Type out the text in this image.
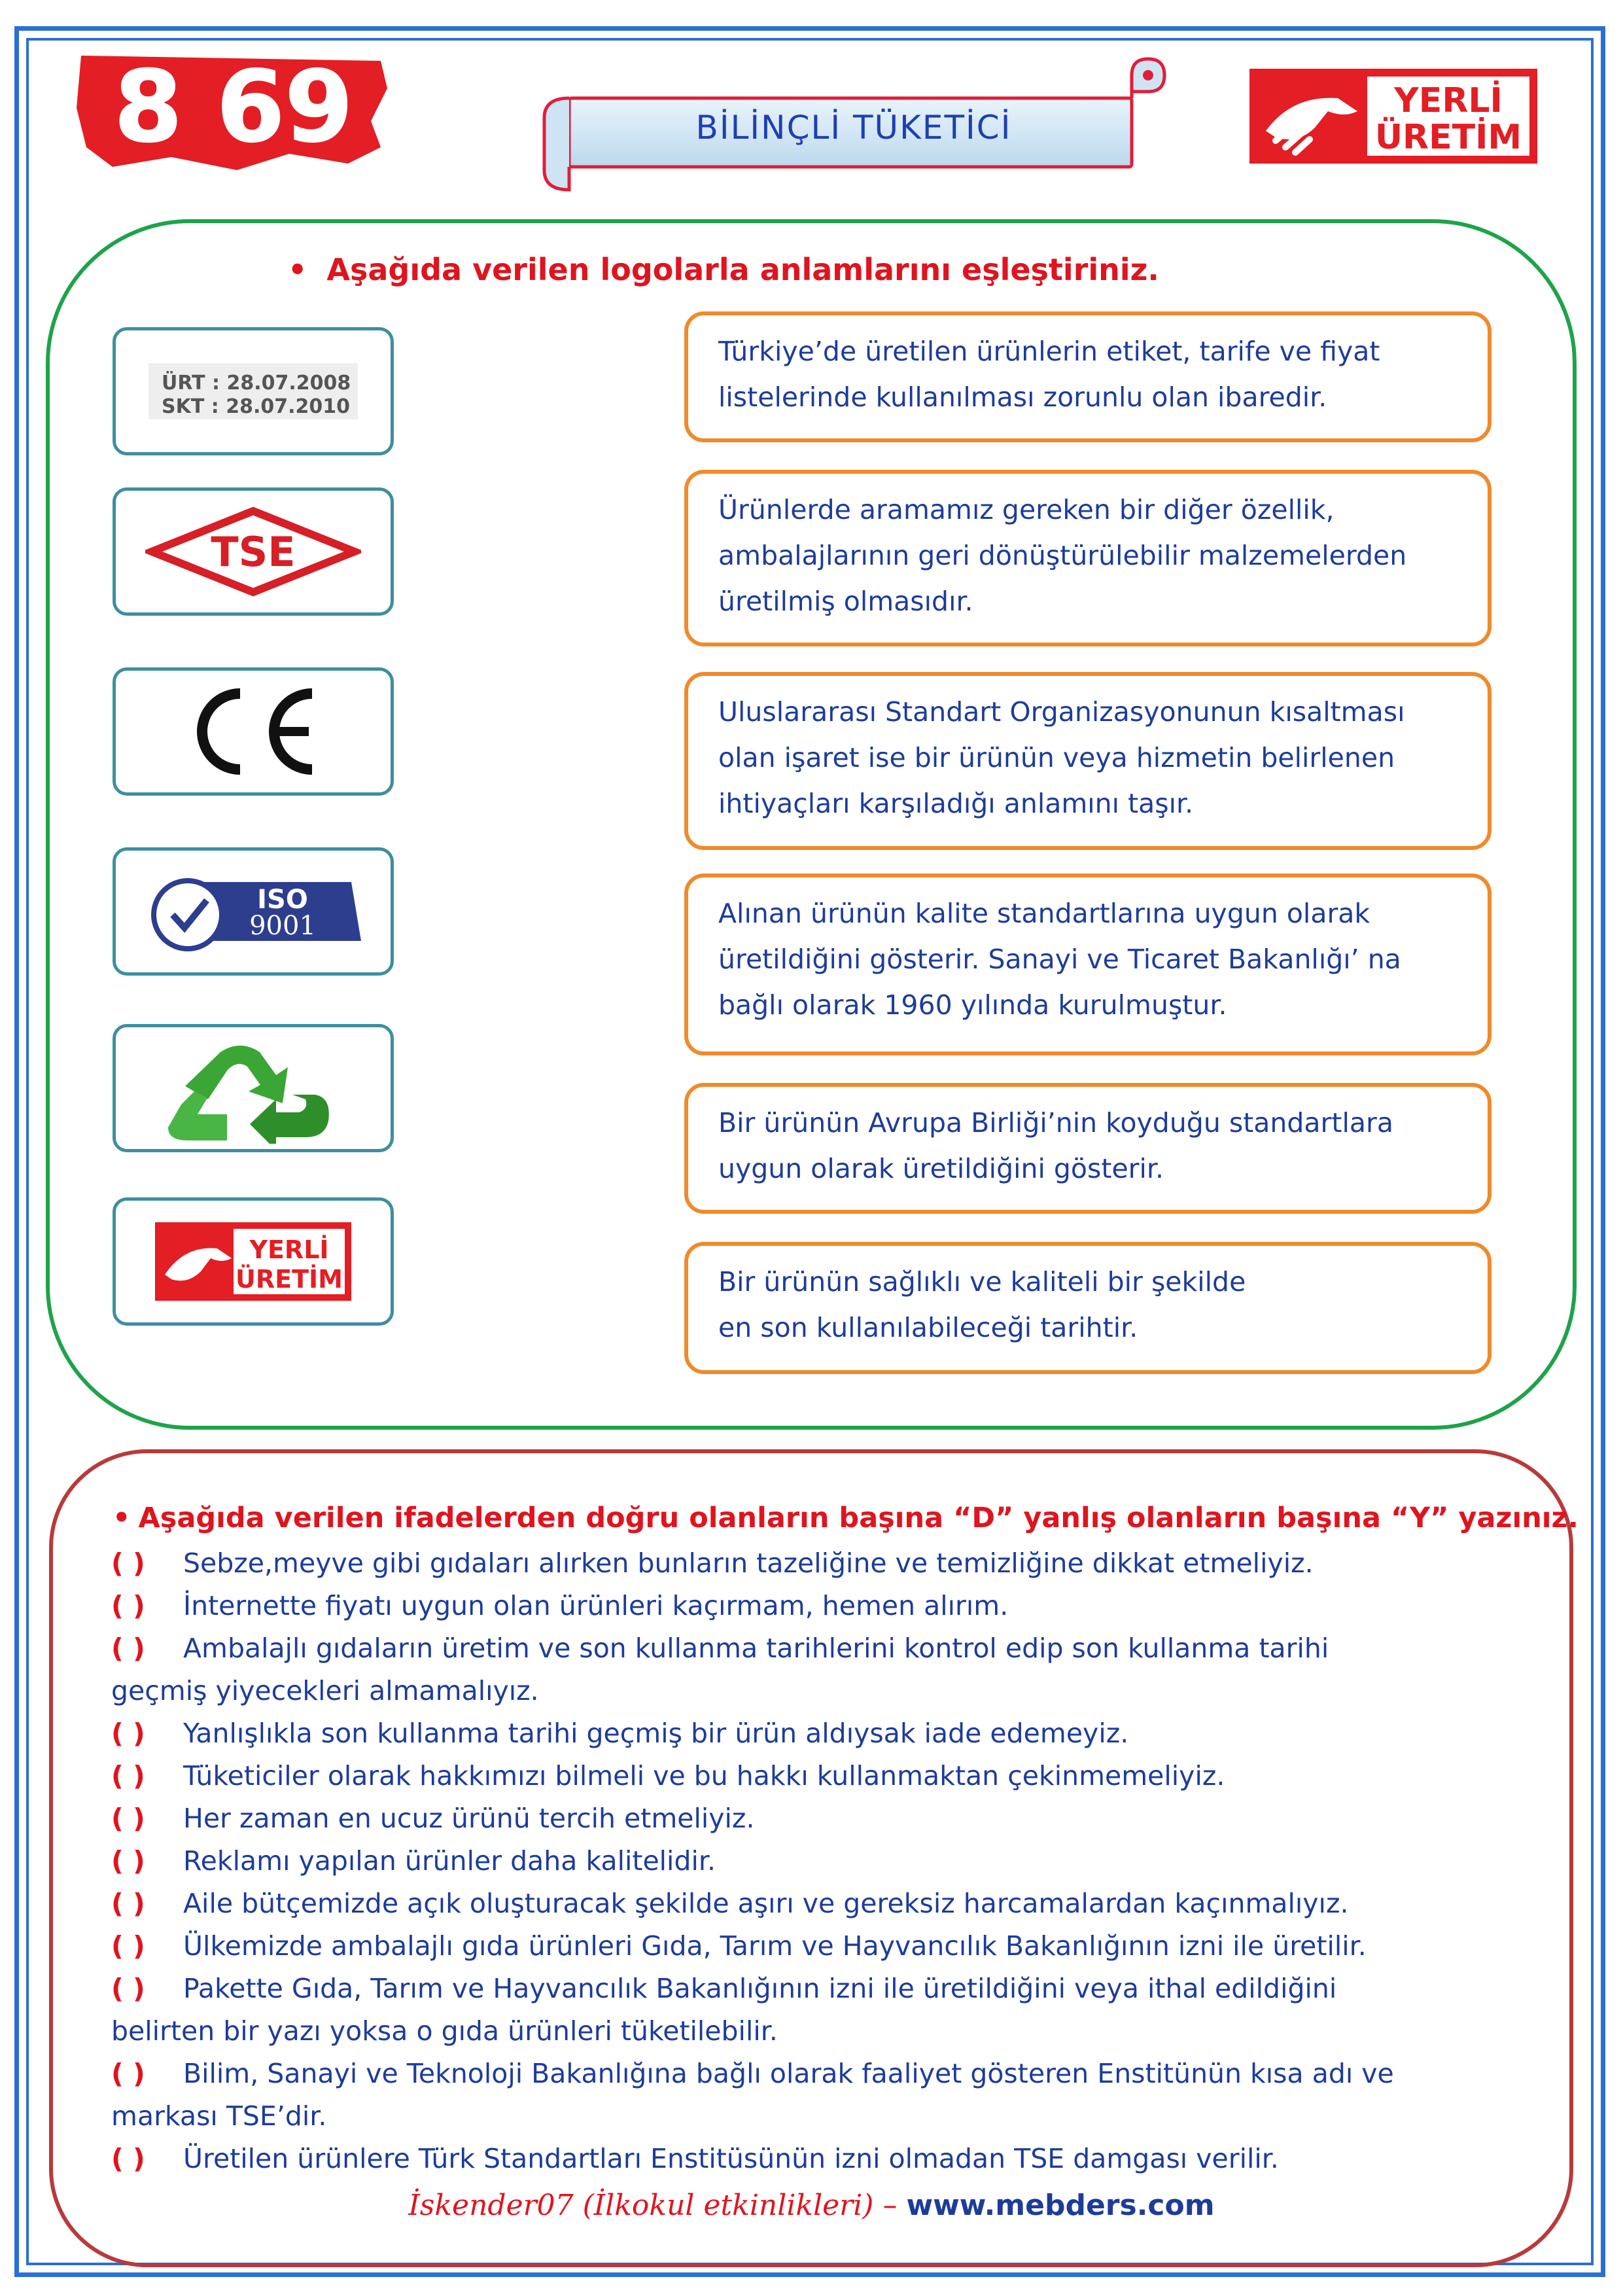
8 69	BİLİNÇLİ TÜKETİCİ
YERLİ
ÜRETİM
• Aşağıda verilen logolarla anlamlarını eşleştiriniz.
ÜRT : 28.07.2008
SKT : 28.07.2010
TSE
ISO
9001
YERLİ
ÜRETİM
Türkiye’de üretilen ürünlerin etiket, tarife ve fiyat
listelerinde kullanılması zorunlu olan ibaredir.
Ürünlerde aramamız gereken bir diğer özellik,
ambalajlarının geri dönüştürülebilir malzemelerden
üretilmiş olmasıdır.
Uluslararası Standart Organizasyonunun kısaltması
olan işaret ise bir ürünün veya hizmetin belirlenen
ihtiyaçları karşıladığı anlamını taşır.
Alınan ürünün kalite standartlarına uygun olarak
üretildiğini gösterir. Sanayi ve Ticaret Bakanlığı’ na
bağlı olarak 1960 yılında kurulmuştur.
Bir ürünün Avrupa Birliği’nin koyduğu standartlara
uygun olarak üretildiğini gösterir.
Bir ürünün sağlıklı ve kaliteli bir şekilde
en son kullanılabileceği tarihtir.
• Aşağıda verilen ifadelerden doğru olanların başına “D” yanlış olanların başına “Y” yazınız.
( ) Sebze,meyve gibi gıdaları alırken bunların tazeliğine ve temizliğine dikkat etmeliyiz.
( ) İnternette fiyatı uygun olan ürünleri kaçırmam, hemen alırım.
( ) Ambalajlı gıdaların üretim ve son kullanma tarihlerini kontrol edip son kullanma tarihi
geçmiş yiyecekleri almamalıyız.
( ) Yanlışlıkla son kullanma tarihi geçmiş bir ürün aldıysak iade edemeyiz.
( ) Tüketiciler olarak hakkımızı bilmeli ve bu hakkı kullanmaktan çekinmemeliyiz.
( ) Her zaman en ucuz ürünü tercih etmeliyiz.
( ) Reklamı yapılan ürünler daha kalitelidir.
( ) Aile bütçemizde açık oluşturacak şekilde aşırı ve gereksiz harcamalardan kaçınmalıyız.
( ) Ülkemizde ambalajlı gıda ürünleri Gıda, Tarım ve Hayvancılık Bakanlığının izni ile üretilir.
( ) Pakette Gıda, Tarım ve Hayvancılık Bakanlığının izni ile üretildiğini veya ithal edildiğini
belirten bir yazı yoksa o gıda ürünleri tüketilebilir.
( ) Bilim, Sanayi ve Teknoloji Bakanlığına bağlı olarak faaliyet gösteren Enstitünün kısa adı ve
markası TSE’dir.
( ) Üretilen ürünlere Türk Standartları Enstitüsünün izni olmadan TSE damgası verilir.
İskender07 (İlkokul etkinlikleri) – www.mebders.com
